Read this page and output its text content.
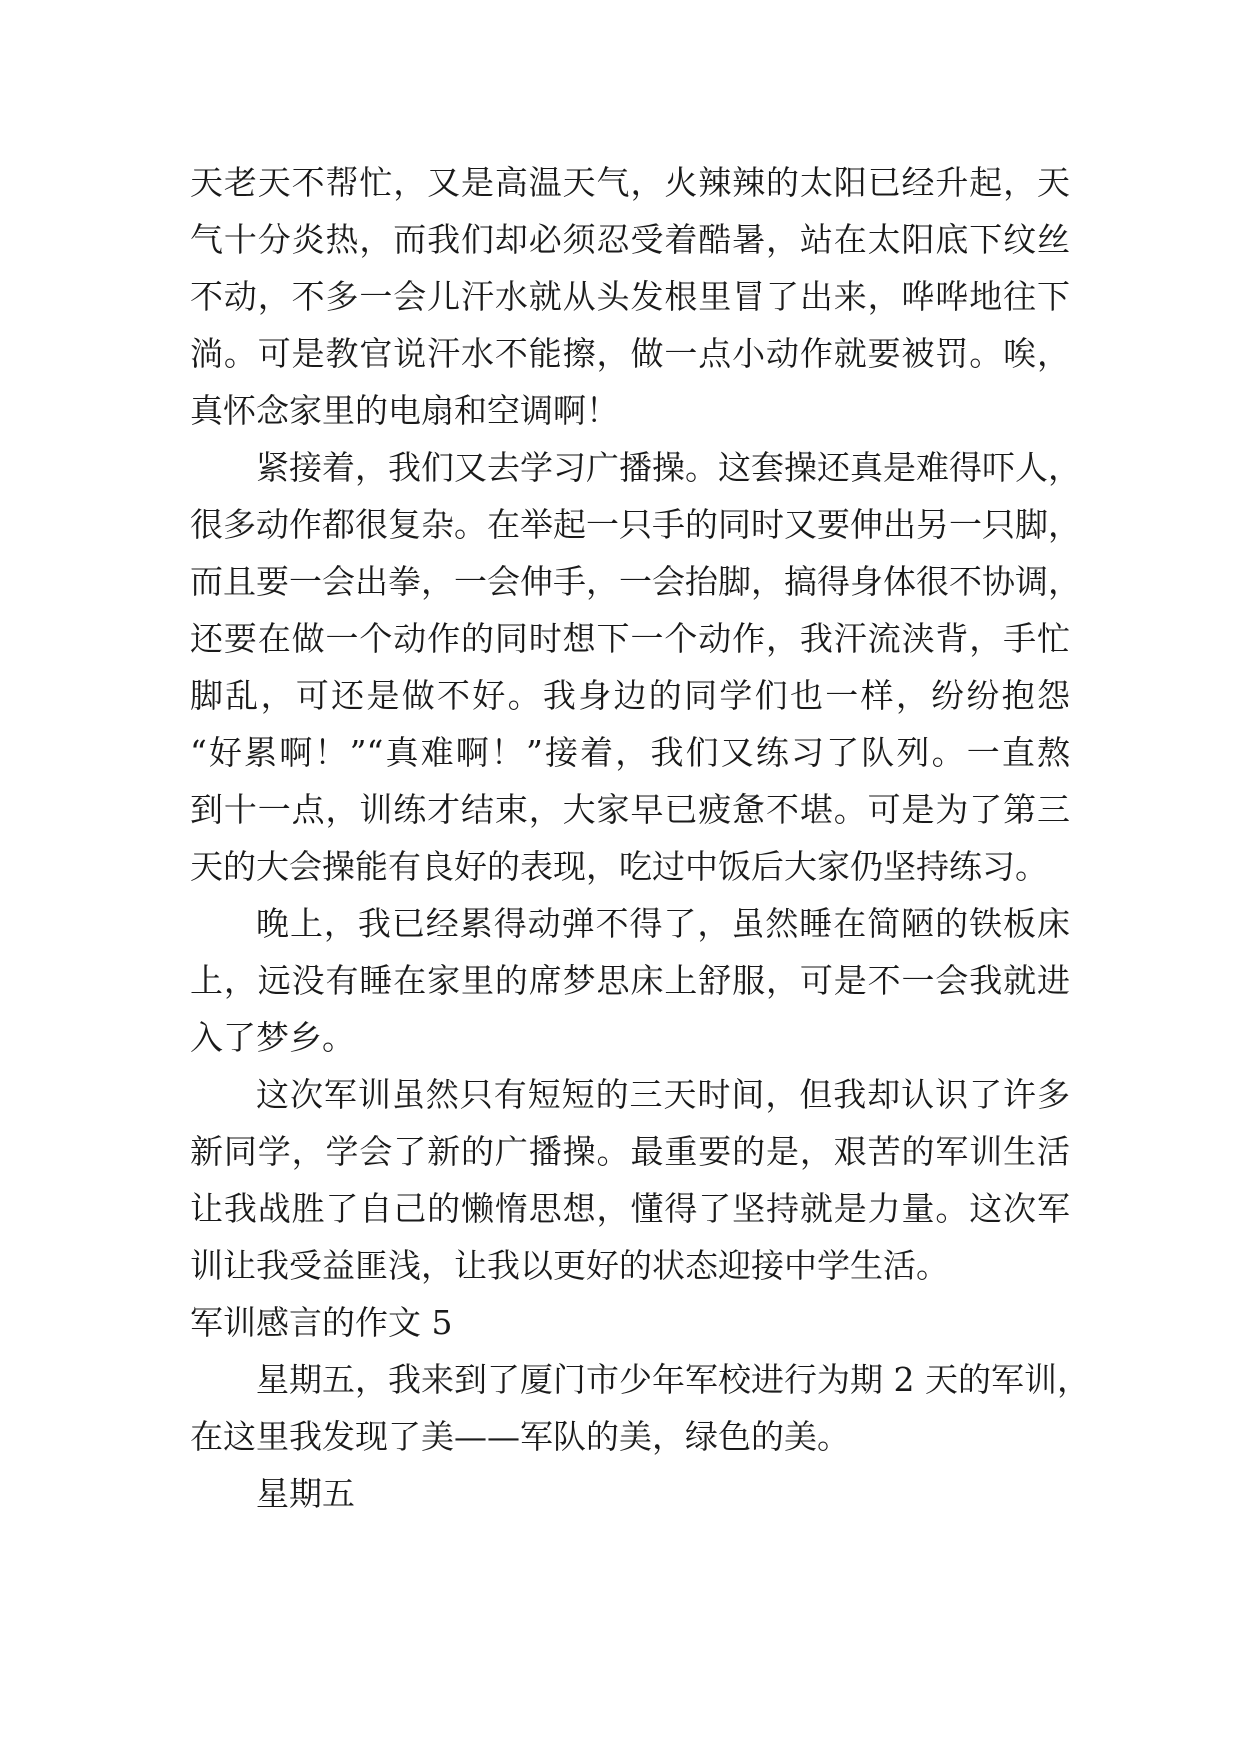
天老天不帮忙，又是高温天气，火辣辣的太阳已经升起，天
气十分炎热，而我们却必须忍受着酷暑，站在太阳底下纹丝
不动，不多一会儿汗水就从头发根里冒了出来，哗哗地往下
淌。可是教官说汗水不能擦，做一点小动作就要被罚。唉，
真怀念家里的电扇和空调啊！
紧接着，我们又去学习广播操。这套操还真是难得吓人，
很多动作都很复杂。在举起一只手的同时又要伸出另一只脚，
而且要一会出拳，一会伸手，一会抬脚，搞得身体很不协调，
还要在做一个动作的同时想下一个动作，我汗流浃背，手忙
脚乱，可还是做不好。我身边的同学们也一样，纷纷抱怨
“好累啊！”“真难啊！”接着，我们又练习了队列。一直熬
到十一点，训练才结束，大家早已疲惫不堪。可是为了第三
天的大会操能有良好的表现，吃过中饭后大家仍坚持练习。
晚上，我已经累得动弹不得了，虽然睡在简陋的铁板床
上，远没有睡在家里的席梦思床上舒服，可是不一会我就进
入了梦乡。
这次军训虽然只有短短的三天时间，但我却认识了许多
新同学，学会了新的广播操。最重要的是，艰苦的军训生活
让我战胜了自己的懒惰思想，懂得了坚持就是力量。这次军
训让我受益匪浅，让我以更好的状态迎接中学生活。
军训感言的作文 5
星期五，我来到了厦门市少年军校进行为期 2 天的军训，
在这里我发现了美——军队的美，绿色的美。
星期五
